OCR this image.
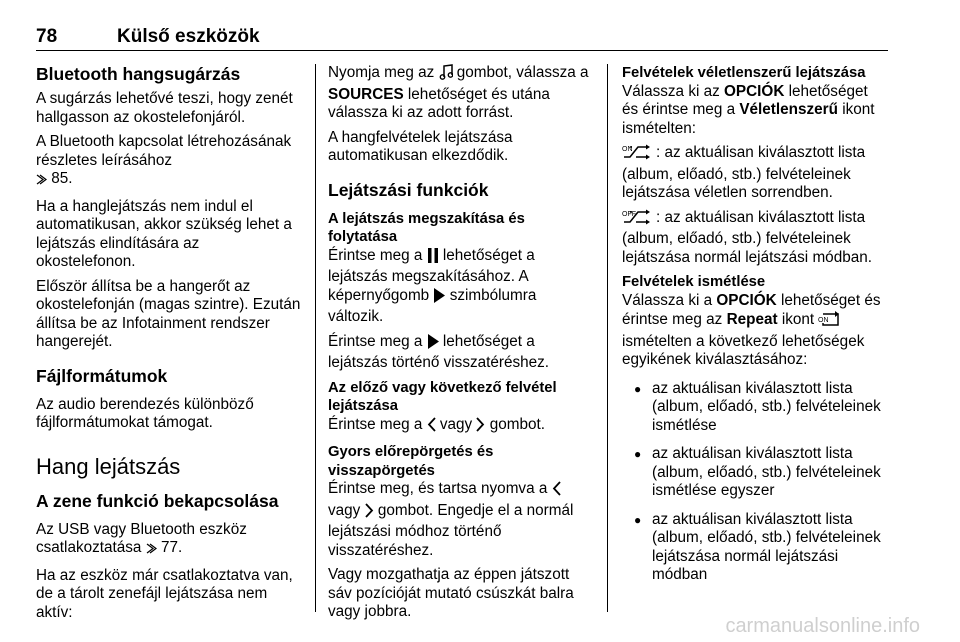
78	Külső eszközök
Bluetooth hangsugárzás

A sugárzás lehetővé teszi, hogy zenét hallgasson az okostelefonjáról.

A Bluetooth kapcsolat létrehozásának részletes leírásához
85.

Ha a hanglejátszás nem indul el automatikusan, akkor szükség lehet a lejátszás elindítására az okostelefonon.

Először állítsa be a hangerőt az okostelefonján (magas szintre). Ezután állítsa be az Infotainment rendszer hangerejét.

Fájlformátumok

Az audio berendezés különböző fájlformátumokat támogat.

Hang lejátszás
A zene funkció bekapcsolása

Az USB vagy Bluetooth eszköz csatlakoztatása 77.

Ha az eszköz már csatlakoztatva van, de a tárolt zenefájl lejátszása nem aktív:

Nyomja meg az gombot, válassza a SOURCES lehetőséget és utána válassza ki az adott forrást.

A hangfelvételek lejátszása automatikusan elkezdődik.

Lejátszási funkciók
A lejátszás megszakítása és folytatása

Érintse meg a lehetőséget a lejátszás megszakításához. A képernyőgomb szimbólumra változik.

Érintse meg a lehetőséget a lejátszás történő visszatéréshez.

Az előző vagy következő felvétel lejátszása

Érintse meg a vagy gombot.

Gyors előrepörgetés és visszapörgetés

Érintse meg, és tartsa nyomva a  vagy gombot. Engedje el a normál lejátszási módhoz történő visszatéréshez.

Vagy mozgathatja az éppen játszott sáv pozícióját mutató csúszkát balra vagy jobbra.

Felvételek véletlenszerű lejátszása

Válassza ki az OPCIÓK lehetőséget és érintse meg a Véletlenszerű ikont ismételten:

ON : az aktuálisan kiválasztott lista (album, előadó, stb.) felvételeinek lejátszása véletlen sorrendben.

OFF : az aktuálisan kiválasztott lista (album, előadó, stb.) felvételeinek lejátszása normál lejátszási módban.

Felvételek ismétlése

Válassza ki a OPCIÓK lehetőséget és érintse meg az Repeat ikont ON
ismételten a következő lehetőségek egyikének kiválasztásához:

● az aktuálisan kiválasztott lista (album, előadó, stb.) felvételeinek ismétlése
● az aktuálisan kiválasztott lista (album, előadó, stb.) felvételeinek ismétlése egyszer
● az aktuálisan kiválasztott lista (album, előadó, stb.) felvételeinek lejátszása normál lejátszási módban
carmanualsonline.info
